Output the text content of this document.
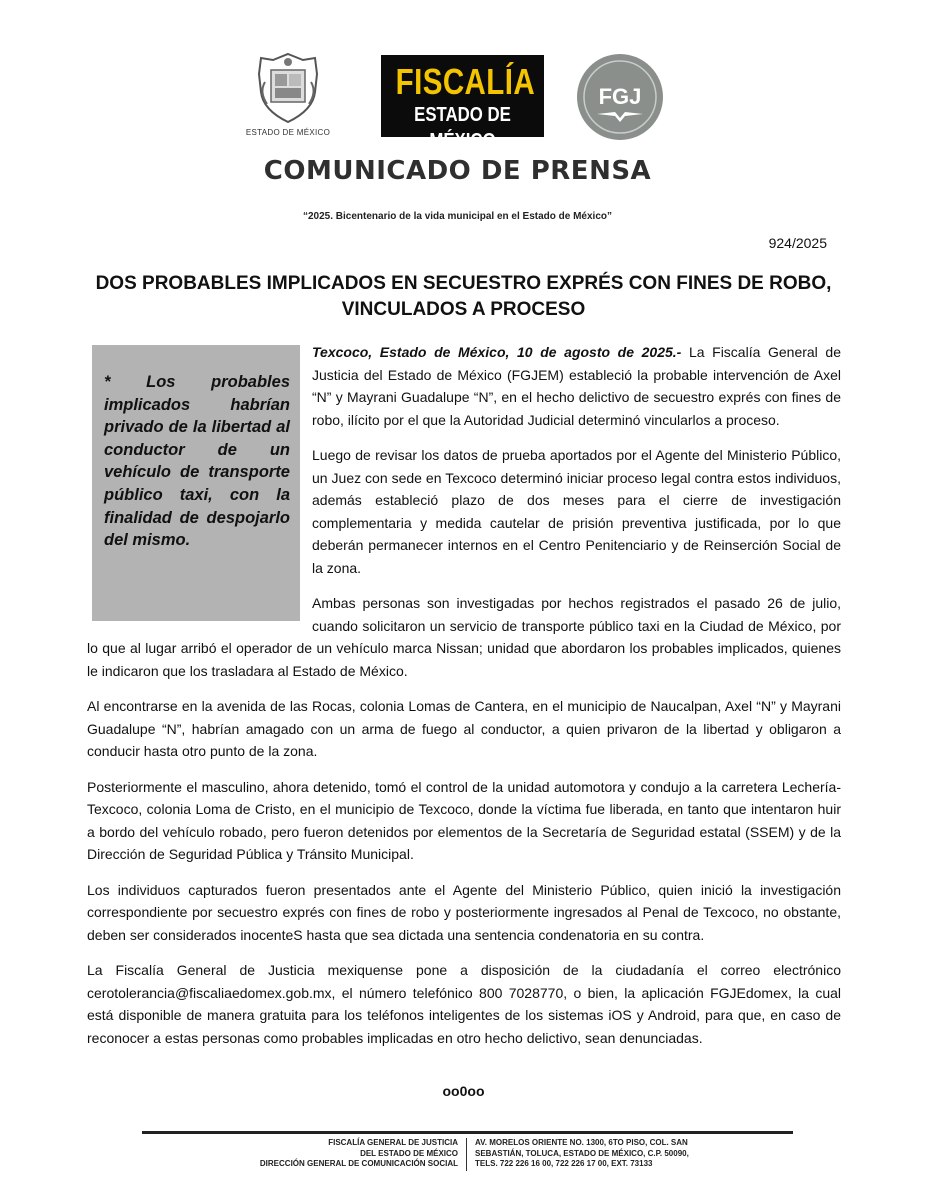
ESTADO DE MÉXICO
FISCALÍA
ESTADO DE MÉXICO
FGJ
COMUNICADO DE PRENSA
“2025. Bicentenario de la vida municipal en el Estado de México”
924/2025
DOS PROBABLES IMPLICADOS EN SECUESTRO EXPRÉS CON FINES DE ROBO, VINCULADOS A PROCESO

* Los probables implicados habrían privado de la libertad al conductor de un vehículo de transporte público taxi, con la finalidad de despojarlo del mismo.

Texcoco, Estado de México, 10 de agosto de 2025.- La Fiscalía General de Justicia del Estado de México (FGJEM) estableció la probable intervención de Axel “N” y Mayrani Guadalupe “N”, en el hecho delictivo de secuestro exprés con fines de robo, ilícito por el que la Autoridad Judicial determinó vincularlos a proceso.

Luego de revisar los datos de prueba aportados por el Agente del Ministerio Público, un Juez con sede en Texcoco determinó iniciar proceso legal contra estos individuos, además estableció plazo de dos meses para el cierre de investigación complementaria y medida cautelar de prisión preventiva justificada, por lo que deberán permanecer internos en el Centro Penitenciario y de Reinserción Social de la zona.

Ambas personas son investigadas por hechos registrados el pasado 26 de julio, cuando solicitaron un servicio de transporte público taxi en la Ciudad de México, por lo que al lugar arribó el operador de un vehículo marca Nissan; unidad que abordaron los probables implicados, quienes le indicaron que los trasladara al Estado de México.

Al encontrarse en la avenida de las Rocas, colonia Lomas de Cantera, en el municipio de Naucalpan, Axel “N” y Mayrani Guadalupe “N”, habrían amagado con un arma de fuego al conductor, a quien privaron de la libertad y obligaron a conducir hasta otro punto de la zona.

Posteriormente el masculino, ahora detenido, tomó el control de la unidad automotora y condujo a la carretera Lechería-Texcoco, colonia Loma de Cristo, en el municipio de Texcoco, donde la víctima fue liberada, en tanto que intentaron huir a bordo del vehículo robado, pero fueron detenidos por elementos de la Secretaría de Seguridad estatal (SSEM) y de la Dirección de Seguridad Pública y Tránsito Municipal.

Los individuos capturados fueron presentados ante el Agente del Ministerio Público, quien inició la investigación correspondiente por secuestro exprés con fines de robo y posteriormente ingresados al Penal de Texcoco, no obstante, deben ser considerados inocenteS hasta que sea dictada una sentencia condenatoria en su contra.

La Fiscalía General de Justicia mexiquense pone a disposición de la ciudadanía el correo electrónico cerotolerancia@fiscaliaedomex.gob.mx, el número telefónico 800 7028770, o bien, la aplicación FGJEdomex, la cual está disponible de manera gratuita para los teléfonos inteligentes de los sistemas iOS y Android, para que, en caso de reconocer a estas personas como probables implicadas en otro hecho delictivo, sean denunciadas.

oo0oo
FISCALÍA GENERAL DE JUSTICIA
DEL ESTADO DE MÉXICO
DIRECCIÓN GENERAL DE COMUNICACIÓN SOCIAL
AV. MORELOS ORIENTE NO. 1300, 6TO PISO, COL. SAN
SEBASTIÁN, TOLUCA, ESTADO DE MÉXICO, C.P. 50090,
TELS. 722 226 16 00, 722 226 17 00, EXT. 73133
